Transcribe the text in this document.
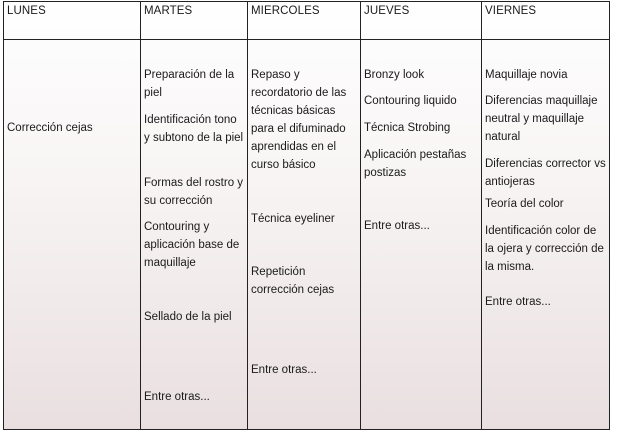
LUNES
Corrección cejas
MARTES
Preparación de la piel
Identificación tono y subtono de la piel
Formas del rostro y su corrección
Contouring y aplicación base de maquillaje
Sellado de la piel
Entre otras...
MIERCOLES
Repaso y recordatorio de las técnicas básicas para el difuminado aprendidas en el curso básico
Técnica eyeliner
Repetición corrección cejas
Entre otras...
JUEVES
Bronzy look
Contouring liquido
Técnica Strobing
Aplicación pestañas postizas
Entre otras...
VIERNES
Maquillaje novia
Diferencias maquillaje neutral y maquillaje natural
Diferencias corrector vs antiojeras
Teoría del color
Identificación color de la ojera y corrección de la misma.
Entre otras...
